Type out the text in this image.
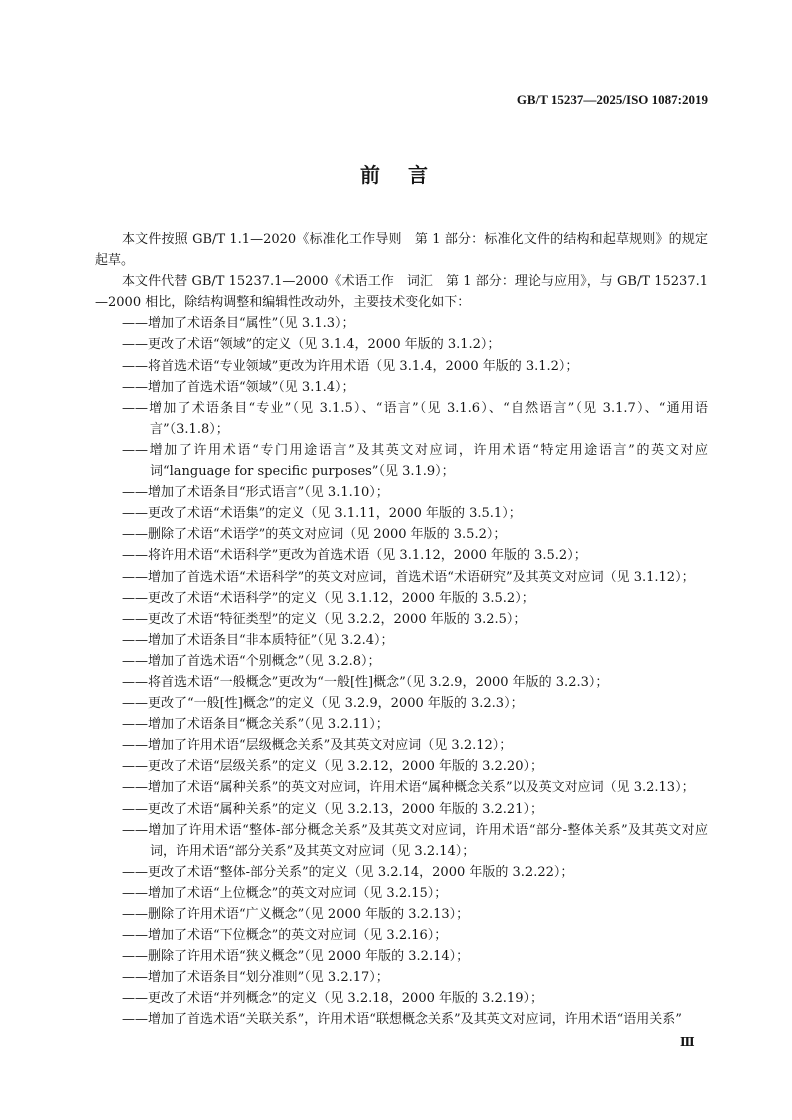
GB/T 15237—2025/ISO 1087:2019
前　言
本文件按照 GB/T 1.1—2020《标准化工作导则　第 1 部分：标准化文件的结构和起草规则》的规定起草。
本文件代替 GB/T 15237.1—2000《术语工作　词汇　第 1 部分：理论与应用》，与 GB/T 15237.1—2000 相比，除结构调整和编辑性改动外，主要技术变化如下：
——增加了术语条目“属性”（见 3.1.3）；
——更改了术语“领域”的定义（见 3.1.4，2000 年版的 3.1.2）；
——将首选术语“专业领域”更改为许用术语（见 3.1.4，2000 年版的 3.1.2）；
——增加了首选术语“领域”（见 3.1.4）；
——增加了术语条目“专业”（见 3.1.5）、“语言”（见 3.1.6）、“自然语言”（见 3.1.7）、“通用语言”（3.1.8）；
——增加了许用术语“专门用途语言”及其英文对应词，许用术语“特定用途语言”的英文对应词“language for specific purposes”（见 3.1.9）；
——增加了术语条目“形式语言”（见 3.1.10）；
——更改了术语“术语集”的定义（见 3.1.11，2000 年版的 3.5.1）；
——删除了术语“术语学”的英文对应词（见 2000 年版的 3.5.2）；
——将许用术语“术语科学”更改为首选术语（见 3.1.12，2000 年版的 3.5.2）；
——增加了首选术语“术语科学”的英文对应词，首选术语“术语研究”及其英文对应词（见 3.1.12）；
——更改了术语“术语科学”的定义（见 3.1.12，2000 年版的 3.5.2）；
——更改了术语“特征类型”的定义（见 3.2.2，2000 年版的 3.2.5）；
——增加了术语条目“非本质特征”（见 3.2.4）；
——增加了首选术语“个别概念”（见 3.2.8）；
——将首选术语“一般概念”更改为“一般[性]概念”（见 3.2.9，2000 年版的 3.2.3）；
——更改了“一般[性]概念”的定义（见 3.2.9，2000 年版的 3.2.3）；
——增加了术语条目“概念关系”（见 3.2.11）；
——增加了许用术语“层级概念关系”及其英文对应词（见 3.2.12）；
——更改了术语“层级关系”的定义（见 3.2.12，2000 年版的 3.2.20）；
——增加了术语“属种关系”的英文对应词，许用术语“属种概念关系”以及英文对应词（见 3.2.13）；
——更改了术语“属种关系”的定义（见 3.2.13，2000 年版的 3.2.21）；
——增加了许用术语“整体-部分概念关系”及其英文对应词，许用术语“部分-整体关系”及其英文对应词，许用术语“部分关系”及其英文对应词（见 3.2.14）；
——更改了术语“整体-部分关系”的定义（见 3.2.14，2000 年版的 3.2.22）；
——增加了术语“上位概念”的英文对应词（见 3.2.15）；
——删除了许用术语“广义概念”（见 2000 年版的 3.2.13）；
——增加了术语“下位概念”的英文对应词（见 3.2.16）；
——删除了许用术语“狭义概念”（见 2000 年版的 3.2.14）；
——增加了术语条目“划分准则”（见 3.2.17）；
——更改了术语“并列概念”的定义（见 3.2.18，2000 年版的 3.2.19）；
——增加了首选术语“关联关系”，许用术语“联想概念关系”及其英文对应词，许用术语“语用关系”
Ⅲ
